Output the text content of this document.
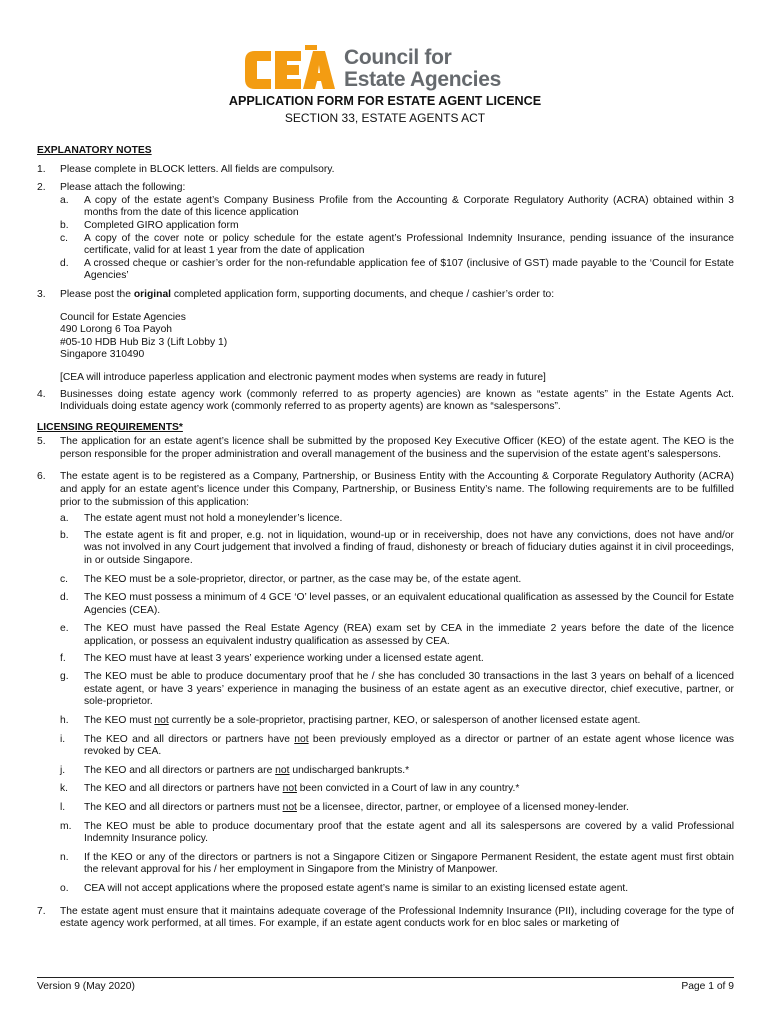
Council for
Estate Agencies
APPLICATION FORM FOR ESTATE AGENT LICENCE
SECTION 33, ESTATE AGENTS ACT
EXPLANATORY NOTES
1.	Please complete in BLOCK letters. All fields are compulsory.
2.	Please attach the following:
a.	A copy of the estate agent’s Company Business Profile from the Accounting & Corporate Regulatory Authority (ACRA) obtained within 3 months from the date of this licence application
b.	Completed GIRO application form
c.	A copy of the cover note or policy schedule for the estate agent’s Professional Indemnity Insurance, pending issuance of the insurance certificate, valid for at least 1 year from the date of application
d.	A crossed cheque or cashier’s order for the non-refundable application fee of $107 (inclusive of GST) made payable to the ‘Council for Estate Agencies’
3.	Please post the original completed application form, supporting documents, and cheque / cashier’s order to:
Council for Estate Agencies
490 Lorong 6 Toa Payoh
#05-10 HDB Hub Biz 3 (Lift Lobby 1)
Singapore 310490
[CEA will introduce paperless application and electronic payment modes when systems are ready in future]
4.	Businesses doing estate agency work (commonly referred to as property agencies) are known as “estate agents” in the Estate Agents Act. Individuals doing estate agency work (commonly referred to as property agents) are known as “salespersons”.
LICENSING REQUIREMENTS*
5.	The application for an estate agent’s licence shall be submitted by the proposed Key Executive Officer (KEO) of the estate agent. The KEO is the person responsible for the proper administration and overall management of the business and the supervision of the estate agent’s salespersons.
6.	The estate agent is to be registered as a Company, Partnership, or Business Entity with the Accounting & Corporate Regulatory Authority (ACRA) and apply for an estate agent’s licence under this Company, Partnership, or Business Entity’s name. The following requirements are to be fulfilled prior to the submission of this application:
a.	The estate agent must not hold a moneylender’s licence.
b.	The estate agent is fit and proper, e.g. not in liquidation, wound-up or in receivership, does not have any convictions, does not have and/or was not involved in any Court judgement that involved a finding of fraud, dishonesty or breach of fiduciary duties against it in civil proceedings, in or outside Singapore.
c.	The KEO must be a sole-proprietor, director, or partner, as the case may be, of the estate agent.
d.	The KEO must possess a minimum of 4 GCE ‘O’ level passes, or an equivalent educational qualification as assessed by the Council for Estate Agencies (CEA).
e.	The KEO must have passed the Real Estate Agency (REA) exam set by CEA in the immediate 2 years before the date of the licence application, or possess an equivalent industry qualification as assessed by CEA.
f.	The KEO must have at least 3 years’ experience working under a licensed estate agent.
g.	The KEO must be able to produce documentary proof that he / she has concluded 30 transactions in the last 3 years on behalf of a licenced estate agent, or have 3 years’ experience in managing the business of an estate agent as an executive director, chief executive, partner, or sole-proprietor.
h.	The KEO must not currently be a sole-proprietor, practising partner, KEO, or salesperson of another licensed estate agent.
i.	The KEO and all directors or partners have not been previously employed as a director or partner of an estate agent whose licence was revoked by CEA.
j.	The KEO and all directors or partners are not undischarged bankrupts.*
k.	The KEO and all directors or partners have not been convicted in a Court of law in any country.*
l.	The KEO and all directors or partners must not be a licensee, director, partner, or employee of a licensed money-lender.
m.	The KEO must be able to produce documentary proof that the estate agent and all its salespersons are covered by a valid Professional Indemnity Insurance policy.
n.	If the KEO or any of the directors or partners is not a Singapore Citizen or Singapore Permanent Resident, the estate agent must first obtain the relevant approval for his / her employment in Singapore from the Ministry of Manpower.
o.	CEA will not accept applications where the proposed estate agent’s name is similar to an existing licensed estate agent.
7.	The estate agent must ensure that it maintains adequate coverage of the Professional Indemnity Insurance (PII), including coverage for the type of estate agency work performed, at all times. For example, if an estate agent conducts work for en bloc sales or marketing of
Version 9 (May 2020)	Page 1 of 9
